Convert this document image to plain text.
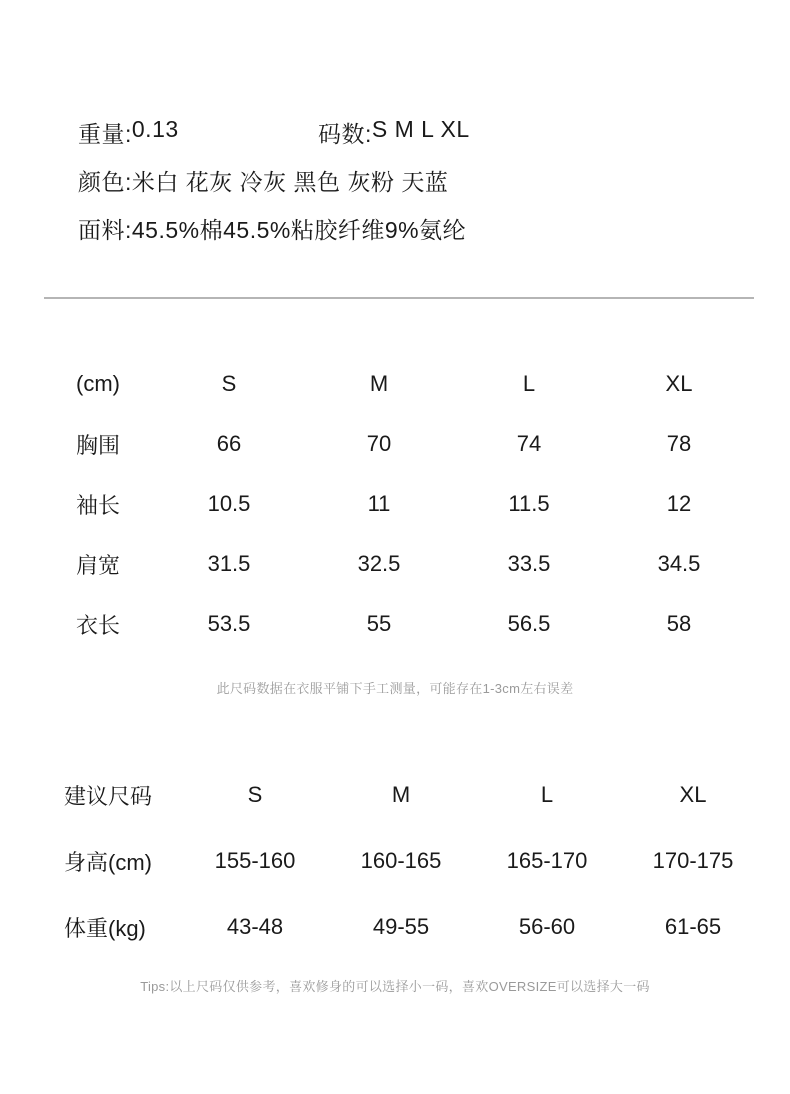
重量: 0.13	码数: S M L XL
颜色: 米白 花灰 冷灰 黑色 灰粉 天蓝
面料: 45.5%棉45.5%粘胶纤维9%氨纶
(cm)	S	M	L	XL
胸围	66	70	74	78
袖长	10.5	11	11.5	12
肩宽	31.5	32.5	33.5	34.5
衣长	53.5	55	56.5	58
此尺码数据在衣服平铺下手工测量，可能存在1-3cm左右误差
建议尺码	S	M	L	XL
身高(cm)	155-160	160-165	165-170	170-175
体重(kg)	43-48	49-55	56-60	61-65
Tips:以上尺码仅供参考，喜欢修身的可以选择小一码，喜欢OVERSIZE可以选择大一码
